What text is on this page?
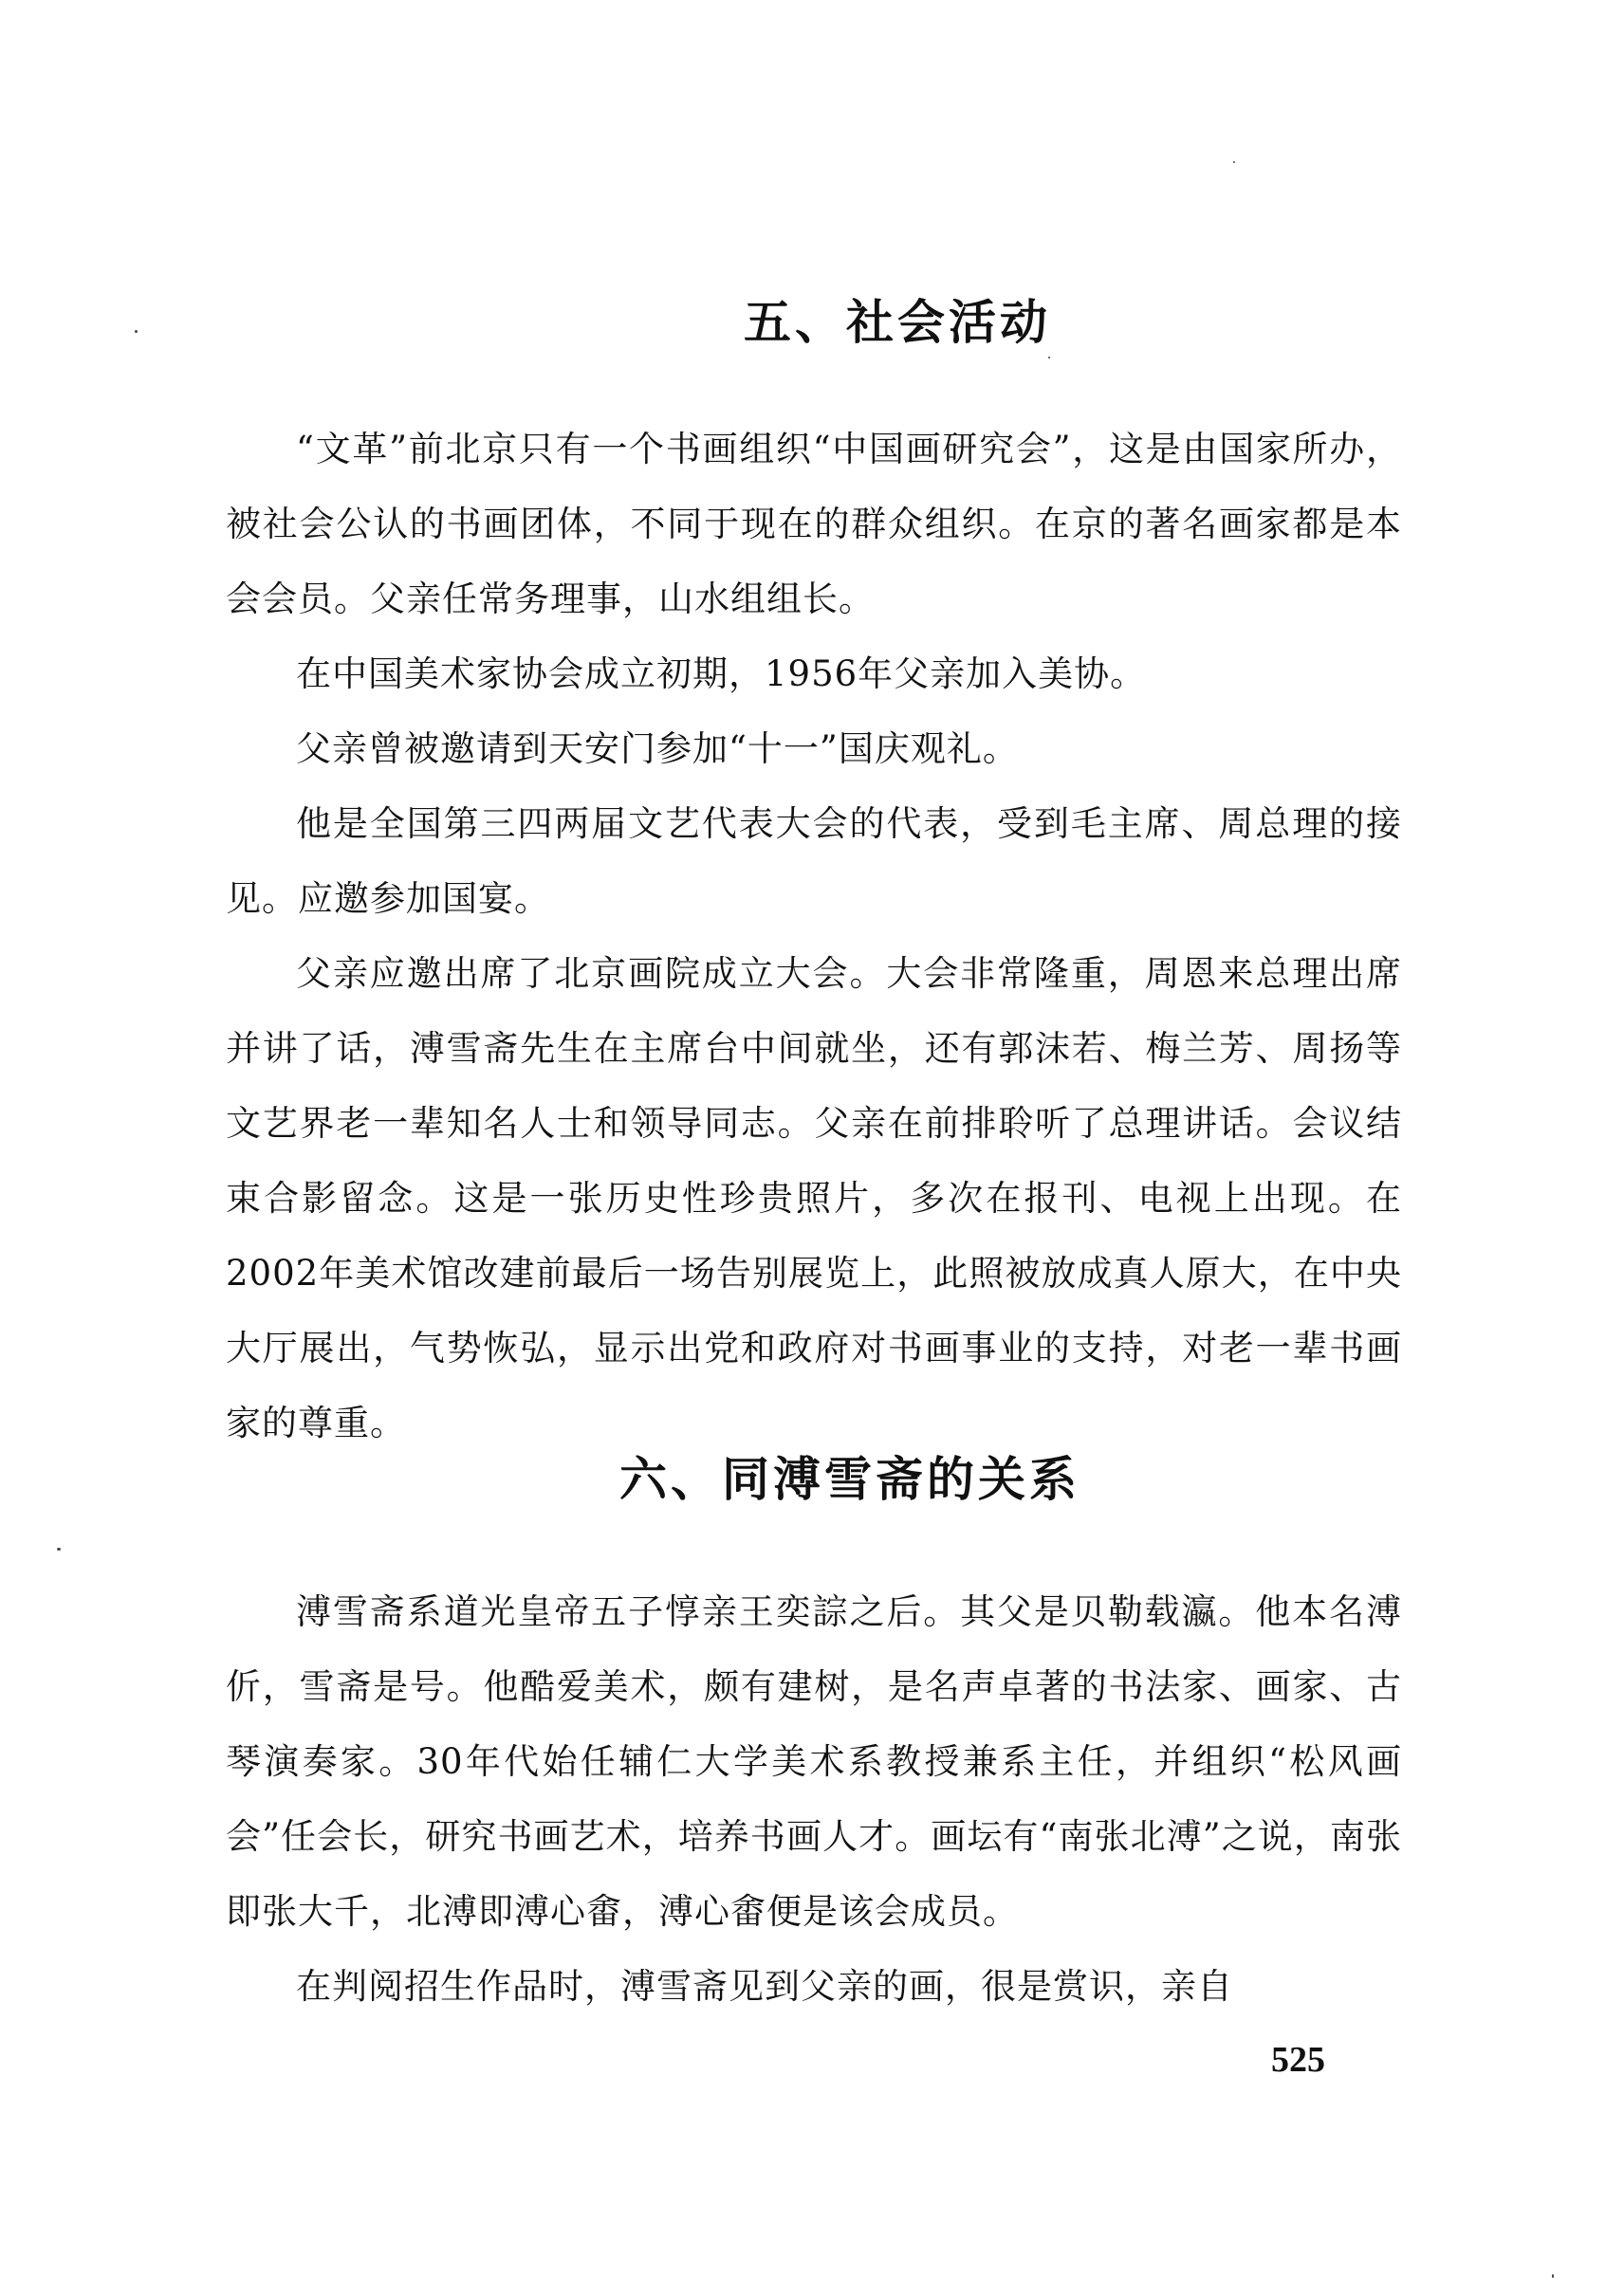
五、社会活动

“文革”前北京只有一个书画组织“中国画研究会”，这是由国家所办，被社会公认的书画团体，不同于现在的群众组织。在京的著名画家都是本会会员。父亲任常务理事，山水组组长。

在中国美术家协会成立初期，1956年父亲加入美协。

父亲曾被邀请到天安门参加“十一”国庆观礼。

他是全国第三四两届文艺代表大会的代表，受到毛主席、周总理的接见。应邀参加国宴。

父亲应邀出席了北京画院成立大会。大会非常隆重，周恩来总理出席并讲了话，溥雪斋先生在主席台中间就坐，还有郭沫若、梅兰芳、周扬等文艺界老一辈知名人士和领导同志。父亲在前排聆听了总理讲话。会议结束合影留念。这是一张历史性珍贵照片，多次在报刊、电视上出现。在2002年美术馆改建前最后一场告别展览上，此照被放成真人原大，在中央大厅展出，气势恢弘，显示出党和政府对书画事业的支持，对老一辈书画家的尊重。

六、同溥雪斋的关系

溥雪斋系道光皇帝五子惇亲王奕誴之后。其父是贝勒载瀛。他本名溥伒，雪斋是号。他酷爱美术，颇有建树，是名声卓著的书法家、画家、古琴演奏家。30年代始任辅仁大学美术系教授兼系主任，并组织“松风画会”任会长，研究书画艺术，培养书画人才。画坛有“南张北溥”之说，南张即张大千，北溥即溥心畬，溥心畬便是该会成员。

在判阅招生作品时，溥雪斋见到父亲的画，很是赏识，亲自

525
